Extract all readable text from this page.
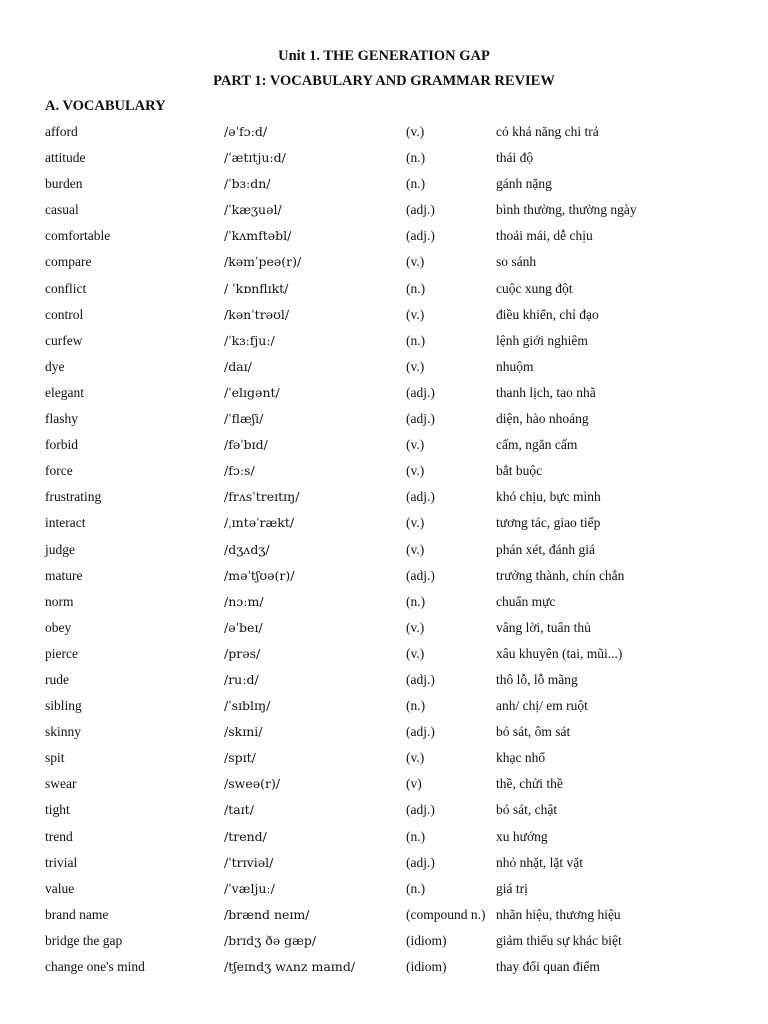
Unit 1. THE GENERATION GAP
PART 1: VOCABULARY AND GRAMMAR REVIEW
A. VOCABULARY
afford	/əˈfɔːd/	(v.)	có khả năng chi trả
attitude	/ˈætɪtjuːd/	(n.)	thái độ
burden	/ˈbɜːdn/	(n.)	gánh nặng
casual	/ˈkæʒuəl/	(adj.)	bình thường, thường ngày
comfortable	/ˈkʌmftəbl/	(adj.)	thoải mái, dễ chịu
compare	/kəmˈpeə(r)/	(v.)	so sánh
conflict	/ ˈkɒnflɪkt/	(n.)	cuộc xung đột
control	/kənˈtrəʊl/	(v.)	điều khiển, chỉ đạo
curfew	/ˈkɜːfjuː/	(n.)	lệnh giới nghiêm
dye	/daɪ/	(v.)	nhuộm
elegant	/ˈelɪgənt/	(adj.)	thanh lịch, tao nhã
flashy	/ˈflæʃi/	(adj.)	diện, hào nhoáng
forbid	/fəˈbɪd/	(v.)	cấm, ngăn cấm
force	/fɔːs/	(v.)	bắt buộc
frustrating	/frʌsˈtreɪtɪŋ/	(adj.)	khó chịu, bực mình
interact	/ˌɪntəˈrækt/	(v.)	tương tác, giao tiếp
judge	/dʒʌdʒ/	(v.)	phán xét, đánh giá
mature	/məˈtʃʊə(r)/	(adj.)	trưởng thành, chín chắn
norm	/nɔːm/	(n.)	chuẩn mực
obey	/əˈbeɪ/	(v.)	vâng lời, tuân thủ
pierce	/prəs/	(v.)	xâu khuyên (tai, mũi...)
rude	/ruːd/	(adj.)	thô lỗ, lỗ mãng
sibling	/ˈsɪblɪŋ/	(n.)	anh/ chị/ em ruột
skinny	/skɪni/	(adj.)	bó sát, ôm sát
spit	/spɪt/	(v.)	khạc nhổ
swear	/sweə(r)/	(v)	thề, chửi thề
tight	/taɪt/	(adj.)	bó sát, chật
trend	/trend/	(n.)	xu hướng
trivial	/ˈtrɪviəl/	(adj.)	nhỏ nhặt, lặt vặt
value	/ˈvæljuː/	(n.)	giá trị
brand name	/brænd neɪm/	(compound n.) nhãn hiệu, thương hiệu
bridge the gap	/brɪdʒ ðə gæp/	(idiom)	giảm thiểu sự khác biệt
change one's mind	/tʃeɪndʒ wʌnz maɪnd/	(idiom)	thay đổi quan điểm
